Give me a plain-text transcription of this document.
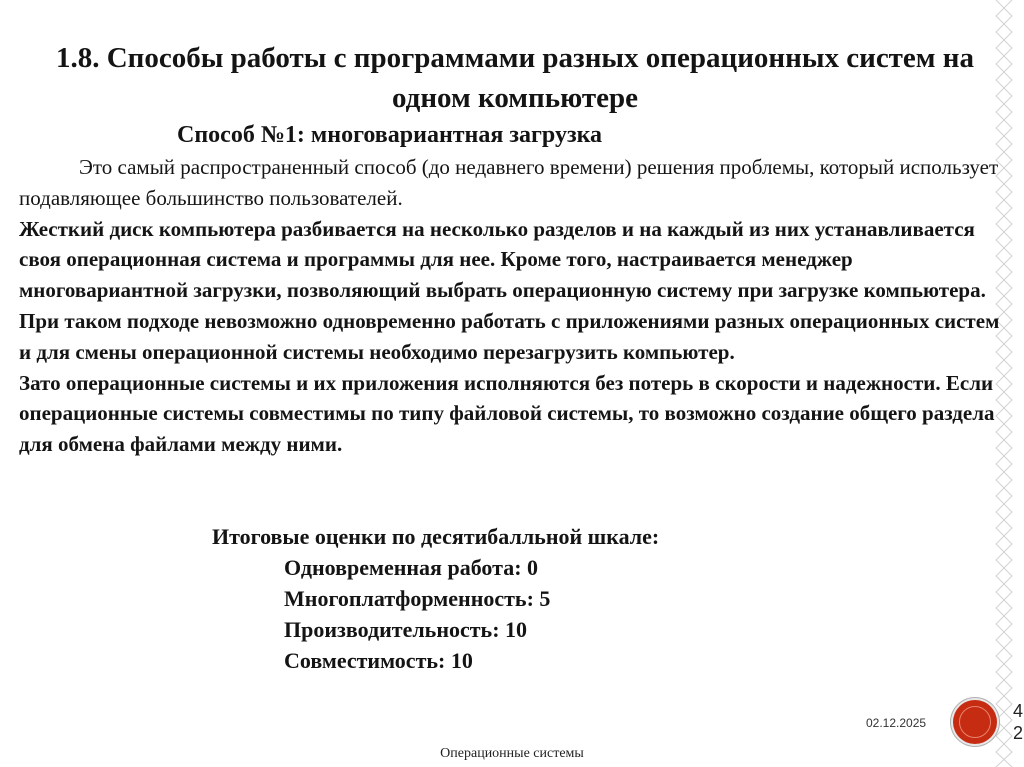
1.8. Способы работы с программами разных операционных систем на одном компьютере
Способ №1: многовариантная загрузка

Это самый распространенный способ (до недавнего времени) решения проблемы, который использует подавляющее большинство пользователей.

Жесткий диск компьютера разбивается на несколько разделов и на каждый из них устанавливается своя операционная система и программы для нее. Кроме того, настраивается менеджер многовариантной загрузки, позволяющий выбрать операционную систему при загрузке компьютера. При таком подходе невозможно одновременно работать с приложениями разных операционных систем и для смены операционной системы необходимо перезагрузить компьютер.

Зато операционные системы и их приложения исполняются без потерь в скорости и надежности. Если операционные системы совместимы по типу файловой системы, то возможно создание общего раздела для обмена файлами между ними.

Итоговые оценки по десятибалльной шкале:

Одновременная работа: 0
Многоплатформенность: 5
Производительность: 10
Совместимость: 10
02.12.2025
42
Операционные системы
